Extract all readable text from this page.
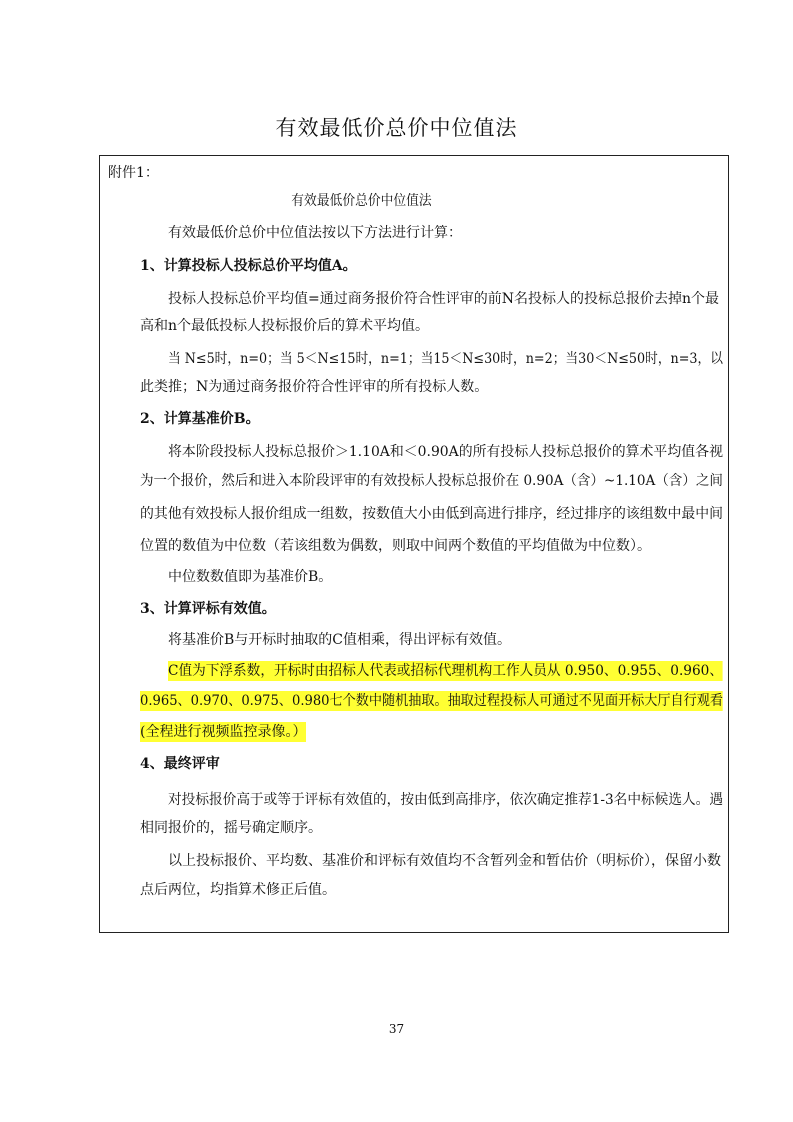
有效最低价总价中位值法
附件1：
有效最低价总价中位值法
有效最低价总价中位值法按以下方法进行计算：
1、计算投标人投标总价平均值A。
投标人投标总价平均值=通过商务报价符合性评审的前N名投标人的投标总报价去掉n个最
高和n个最低投标人投标报价后的算术平均值。
当 N≤5时，n=0；当 5＜N≤15时，n=1；当15＜N≤30时，n=2；当30＜N≤50时，n=3，以
此类推；N为通过商务报价符合性评审的所有投标人数。
2、计算基准价B。
将本阶段投标人投标总报价＞1.10A和＜0.90A的所有投标人投标总报价的算术平均值各视
为一个报价，然后和进入本阶段评审的有效投标人投标总报价在 0.90A（含）~1.10A（含）之间
的其他有效投标人报价组成一组数，按数值大小由低到高进行排序，经过排序的该组数中最中间
位置的数值为中位数（若该组数为偶数，则取中间两个数值的平均值做为中位数）。
中位数数值即为基准价B。
3、计算评标有效值。
将基准价B与开标时抽取的C值相乘，得出评标有效值。
C值为下浮系数，开标时由招标人代表或招标代理机构工作人员从 0.950、0.955、0.960、
0.965、0.970、0.975、0.980七个数中随机抽取。抽取过程投标人可通过不见面开标大厅自行观看
(全程进行视频监控录像。）
4、最终评审
对投标报价高于或等于评标有效值的，按由低到高排序，依次确定推荐1-3名中标候选人。遇
相同报价的，摇号确定顺序。
以上投标报价、平均数、基准价和评标有效值均不含暂列金和暂估价（明标价），保留小数
点后两位，均指算术修正后值。
37
